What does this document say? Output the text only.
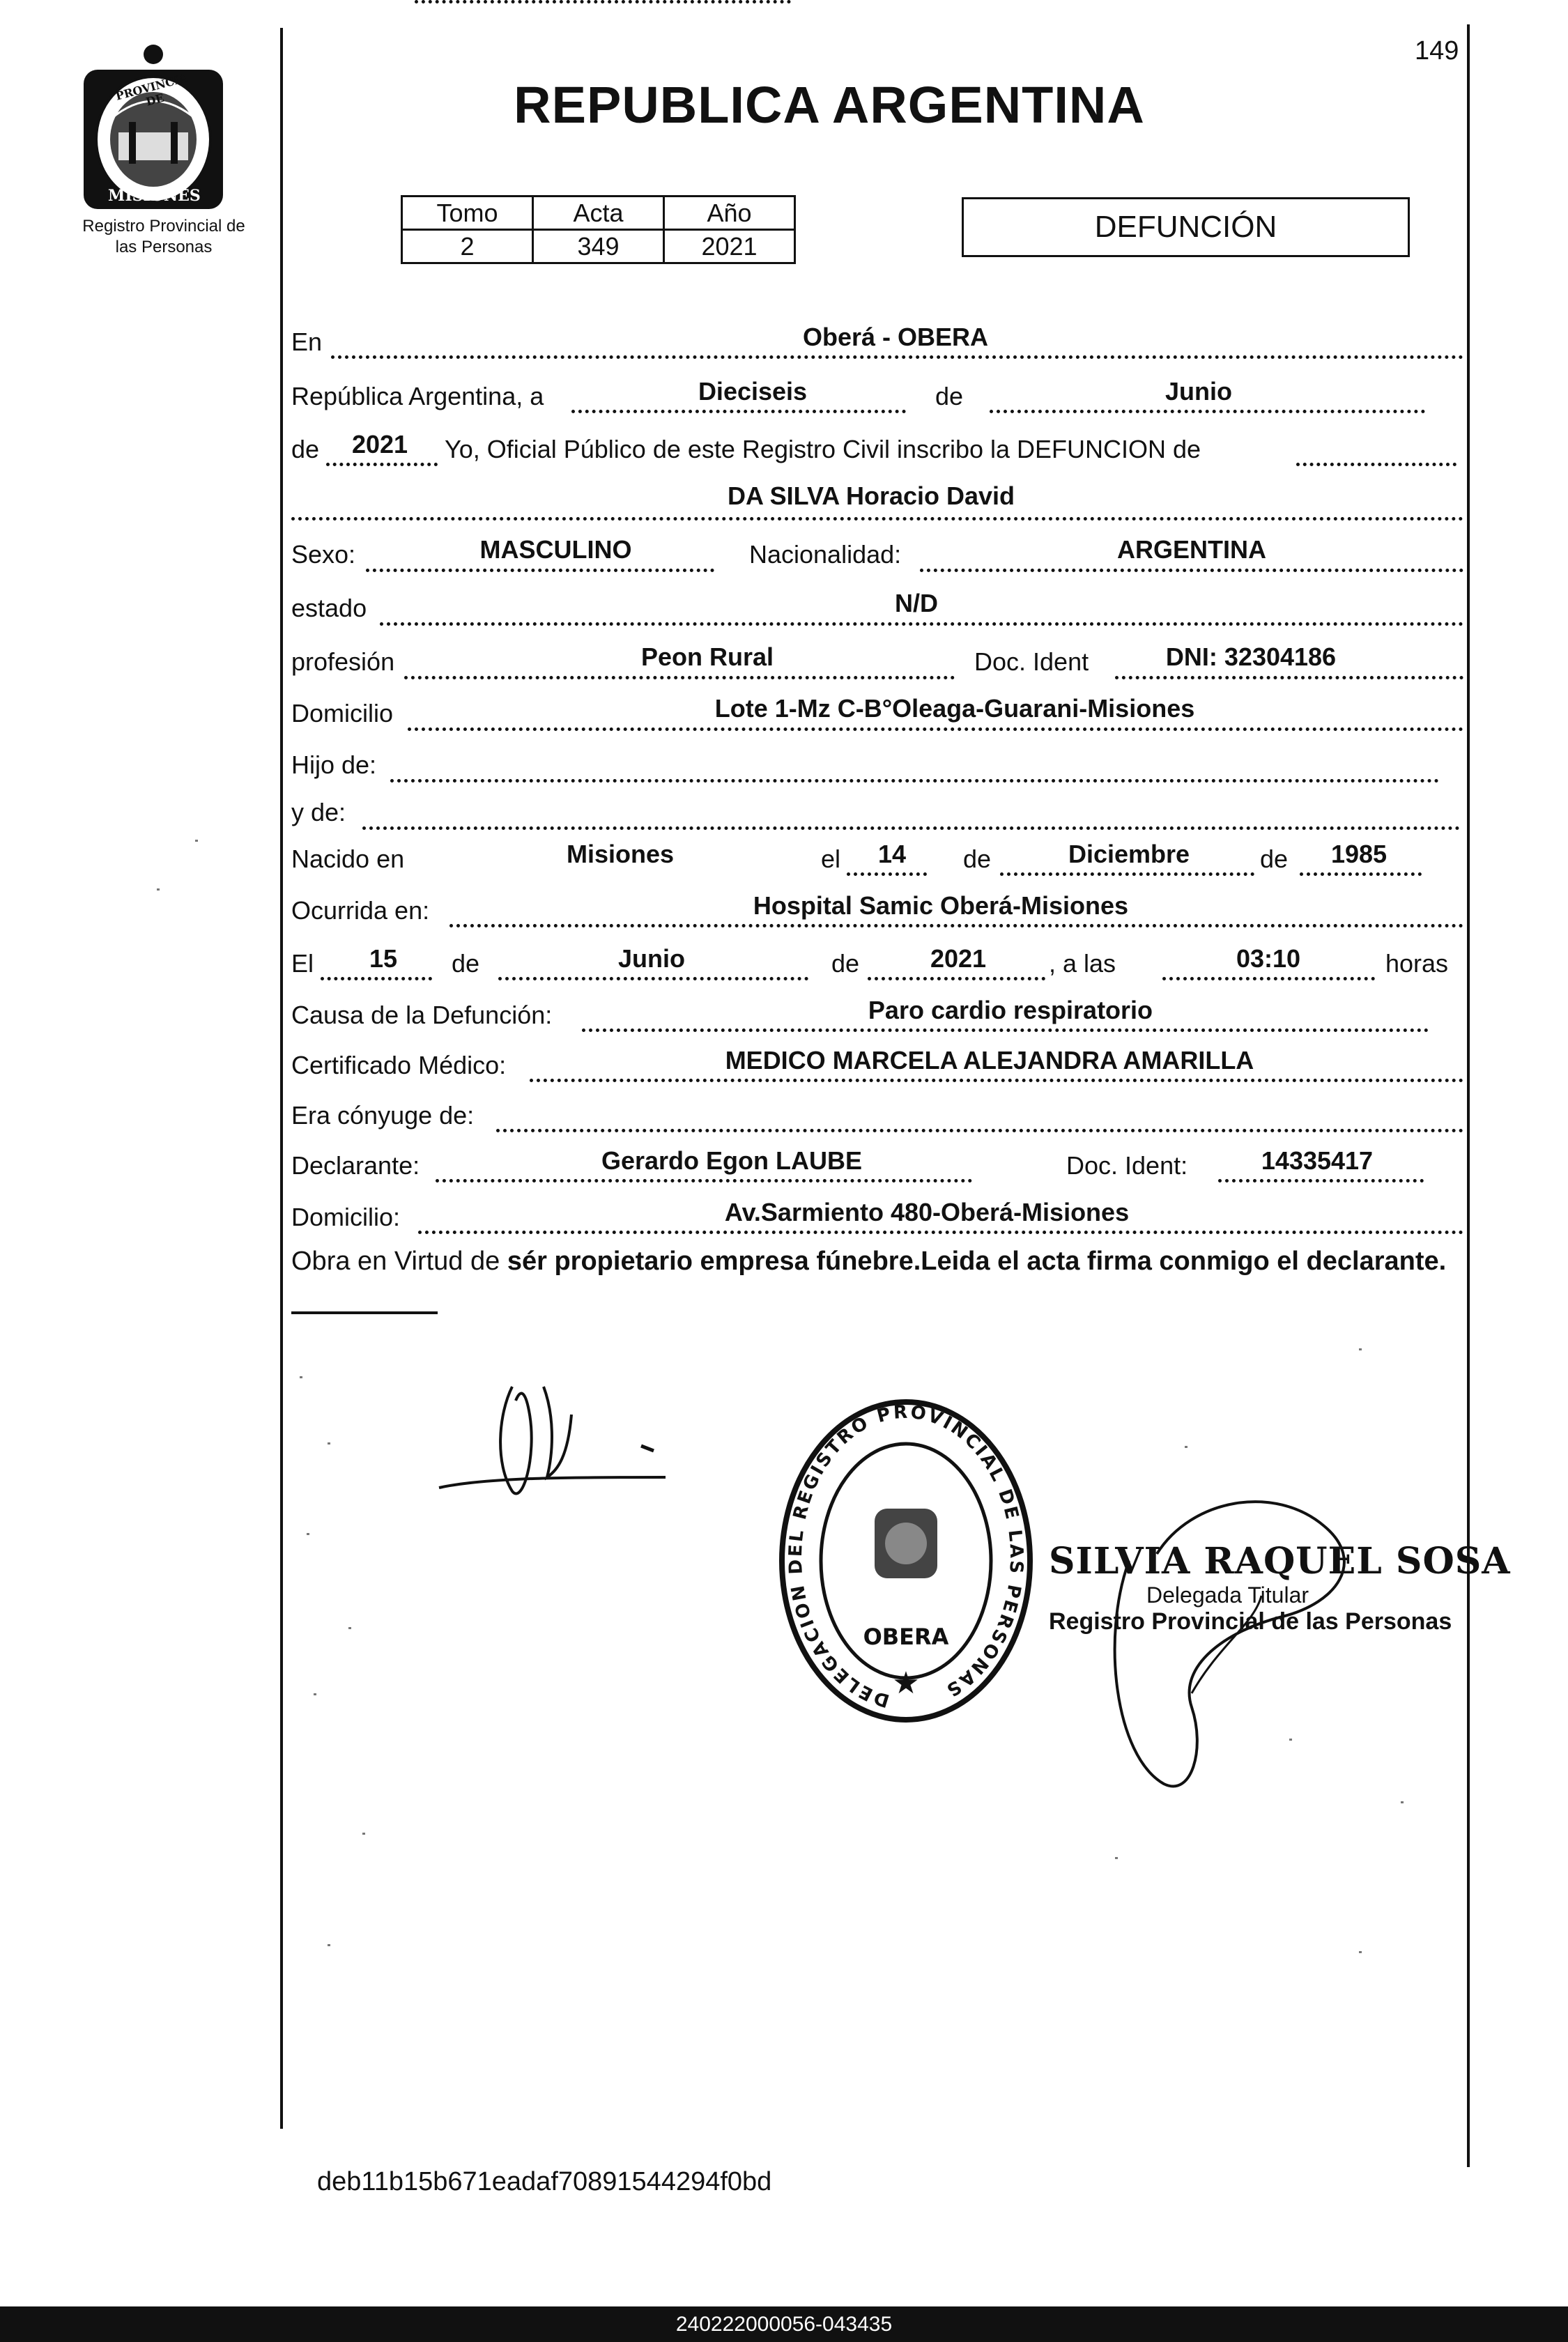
149
PROVINCIA DE
MISIONES
Registro Provincial de
las Personas
REPUBLICA ARGENTINA
Tomo	Acta	Año
2	349	2021
DEFUNCIÓN
En	Oberá - OBERA
República Argentina, a	Dieciseis	de	Junio
de	2021	Yo, Oficial Público de este Registro Civil inscribo la DEFUNCION de
DA SILVA Horacio David
Sexo:	MASCULINO	Nacionalidad:	ARGENTINA
estado	N/D
profesión	Peon Rural	Doc. Ident	DNI: 32304186
Domicilio	Lote 1-Mz C-B°Oleaga-Guarani-Misiones
Hijo de:
y de:
Nacido en	Misiones	el	14	de	Diciembre	de	1985
Ocurrida en:	Hospital Samic Oberá-Misiones
El	15	de	Junio	de	2021	, a las	03:10	horas
Causa de la Defunción:	Paro cardio respiratorio
Certificado Médico:	MEDICO MARCELA ALEJANDRA AMARILLA
Era cónyuge de:
Declarante:	Gerardo Egon LAUBE	Doc. Ident:	14335417
Domicilio:	Av.Sarmiento 480-Oberá-Misiones
Obra en Virtud de sér propietario empresa fúnebre.Leida el acta firma conmigo el declarante.
DELEGACION DEL REGISTRO PROVINCIAL DE LAS PERSONAS
OBERA
★
SILVIA RAQUEL SOSA
Delegada Titular
Registro Provincial de las Personas
deb11b15b671eadaf70891544294f0bd
240222000056-043435
